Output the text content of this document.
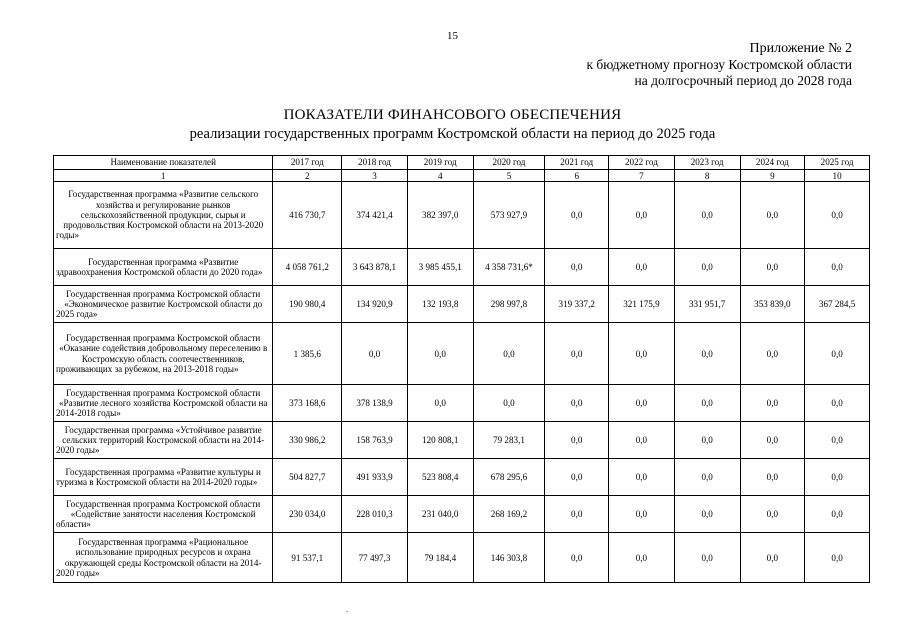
15
Приложение № 2
к бюджетному прогнозу Костромской области
на долгосрочный период до 2028 года
ПОКАЗАТЕЛИ ФИНАНСОВОГО ОБЕСПЕЧЕНИЯ
реализации государственных программ Костромской области на период до 2025 года
Наименование показателей	2017 год	2018 год	2019 год	2020 год	2021 год	2022 год	2023 год	2024 год	2025 год
1	2	3	4	5	6	7	8	9	10
Государственная программа «Развитие сельского хозяйства и регулирование рынков сельскохозяйственной продукции, сырья и продовольствия Костромской области на 2013-2020 годы»	416 730,7	374 421,4	382 397,0	573 927,9	0,0	0,0	0,0	0,0	0,0
Государственная программа «Развитие здравоохранения Костромской области до 2020 года»	4 058 761,2	3 643 878,1	3 985 455,1	4 358 731,6*	0,0	0,0	0,0	0,0	0,0
Государственная программа Костромской области «Экономическое развитие Костромской области до 2025 года»	190 980,4	134 920,9	132 193,8	298 997,8	319 337,2	321 175,9	331 951,7	353 839,0	367 284,5
Государственная программа Костромской области «Оказание содействия добровольному переселению в Костромскую область соотечественников, проживающих за рубежом, на 2013-2018 годы»	1 385,6	0,0	0,0	0,0	0,0	0,0	0,0	0,0	0,0
Государственная программа Костромской области «Развитие лесного хозяйства Костромской области на 2014-2018 годы»	373 168,6	378 138,9	0,0	0,0	0,0	0,0	0,0	0,0	0,0
Государственная программа «Устойчивое развитие сельских территорий Костромской области на 2014-2020 годы»	330 986,2	158 763,9	120 808,1	79 283,1	0,0	0,0	0,0	0,0	0,0
Государственная программа «Развитие культуры и туризма в Костромской области на 2014-2020 годы»	504 827,7	491 933,9	523 808,4	678 295,6	0,0	0,0	0,0	0,0	0,0
Государственная программа Костромской области «Содействие занятости населения Костромской области»	230 034,0	228 010,3	231 040,0	268 169,2	0,0	0,0	0,0	0,0	0,0
Государственная программа «Рациональное использование природных ресурсов и охрана окружающей среды Костромской области на 2014-2020 годы»	91 537,1	77 497,3	79 184,4	146 303,8	0,0	0,0	0,0	0,0	0,0
.
